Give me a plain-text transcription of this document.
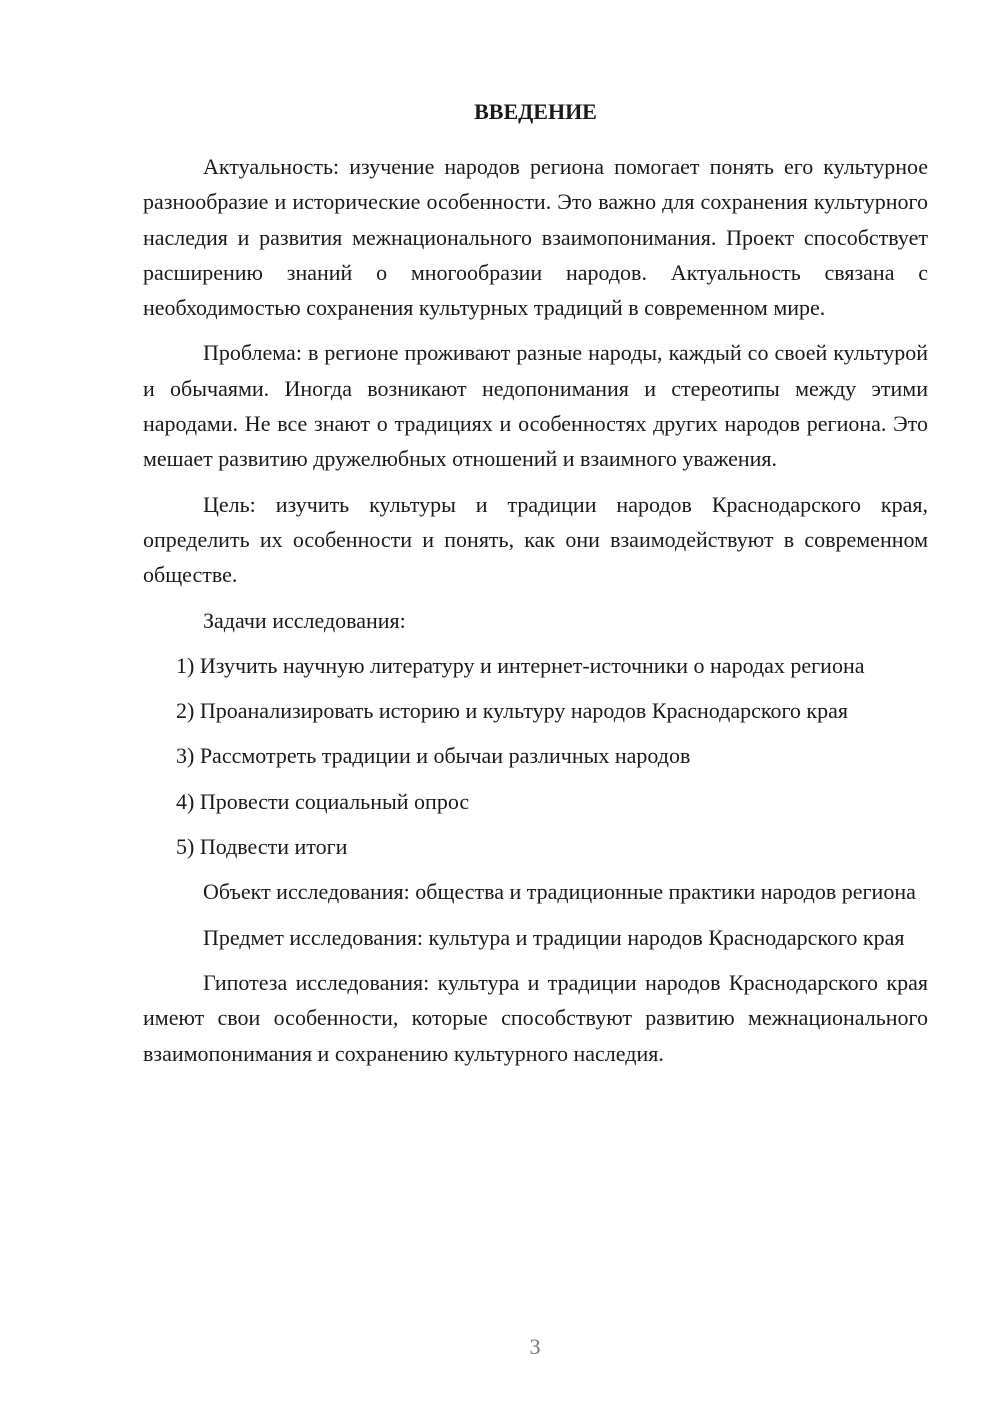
ВВЕДЕНИЕ

Актуальность: изучение народов региона помогает понять его культурное разнообразие и исторические особенности. Это важно для сохранения культурного наследия и развития межнационального взаимопонимания. Проект способствует расширению знаний о многообразии народов. Актуальность связана с необходимостью сохранения культурных традиций в современном мире.

Проблема: в регионе проживают разные народы, каждый со своей культурой и обычаями. Иногда возникают недопонимания и стереотипы между этими народами. Не все знают о традициях и особенностях других народов региона. Это мешает развитию дружелюбных отношений и взаимного уважения.

Цель: изучить культуры и традиции народов Краснодарского края, определить их особенности и понять, как они взаимодействуют в современном обществе.

Задачи исследования:

1) Изучить научную литературу и интернет-источники о народах региона

2) Проанализировать историю и культуру народов Краснодарского края

3) Рассмотреть традиции и обычаи различных народов

4) Провести социальный опрос

5) Подвести итоги

Объект исследования: общества и традиционные практики народов региона

Предмет исследования: культура и традиции народов Краснодарского края

Гипотеза исследования: культура и традиции народов Краснодарского края имеют свои особенности, которые способствуют развитию межнационального взаимопонимания и сохранению культурного наследия.

3
